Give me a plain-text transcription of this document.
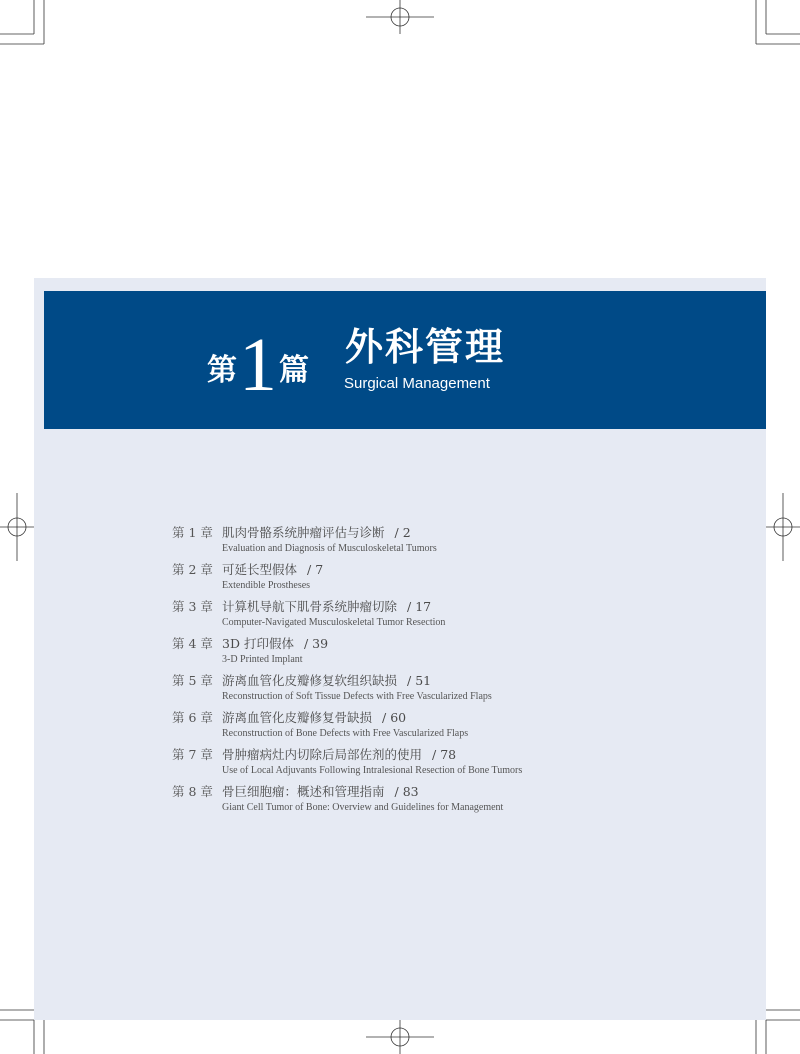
第 1 篇
外科管理
Surgical Management
第 1 章 肌肉骨骼系统肿瘤评估与诊断 / 2
Evaluation and Diagnosis of Musculoskeletal Tumors
第 2 章 可延长型假体 / 7
Extendible Prostheses
第 3 章 计算机导航下肌骨系统肿瘤切除 / 17
Computer-Navigated Musculoskeletal Tumor Resection
第 4 章 3D 打印假体 / 39
3-D Printed Implant
第 5 章 游离血管化皮瓣修复软组织缺损 / 51
Reconstruction of Soft Tissue Defects with Free Vascularized Flaps
第 6 章 游离血管化皮瓣修复骨缺损 / 60
Reconstruction of Bone Defects with Free Vascularized Flaps
第 7 章 骨肿瘤病灶内切除后局部佐剂的使用 / 78
Use of Local Adjuvants Following Intralesional Resection of Bone Tumors
第 8 章 骨巨细胞瘤：概述和管理指南 / 83
Giant Cell Tumor of Bone: Overview and Guidelines for Management
